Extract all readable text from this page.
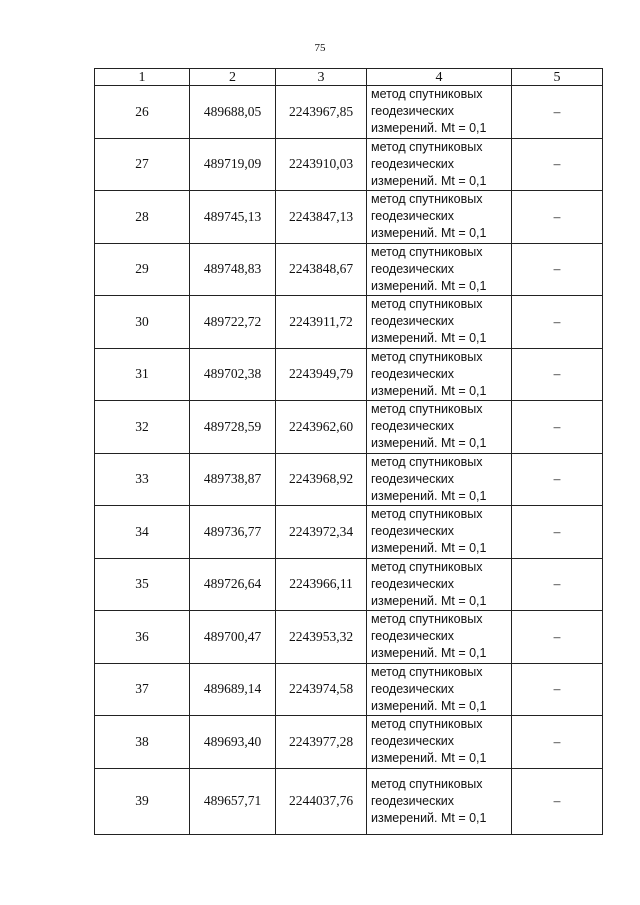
75
1	2	3	4	5
26	489688,05	2243967,85	метод спутниковых
геодезических
измерений. Mt = 0,1	–
27	489719,09	2243910,03	метод спутниковых
геодезических
измерений. Mt = 0,1	–
28	489745,13	2243847,13	метод спутниковых
геодезических
измерений. Mt = 0,1	–
29	489748,83	2243848,67	метод спутниковых
геодезических
измерений. Mt = 0,1	–
30	489722,72	2243911,72	метод спутниковых
геодезических
измерений. Mt = 0,1	–
31	489702,38	2243949,79	метод спутниковых
геодезических
измерений. Mt = 0,1	–
32	489728,59	2243962,60	метод спутниковых
геодезических
измерений. Mt = 0,1	–
33	489738,87	2243968,92	метод спутниковых
геодезических
измерений. Mt = 0,1	–
34	489736,77	2243972,34	метод спутниковых
геодезических
измерений. Mt = 0,1	–
35	489726,64	2243966,11	метод спутниковых
геодезических
измерений. Mt = 0,1	–
36	489700,47	2243953,32	метод спутниковых
геодезических
измерений. Mt = 0,1	–
37	489689,14	2243974,58	метод спутниковых
геодезических
измерений. Mt = 0,1	–
38	489693,40	2243977,28	метод спутниковых
геодезических
измерений. Mt = 0,1	–
39	489657,71	2244037,76	метод спутниковых
геодезических
измерений. Mt = 0,1	–
